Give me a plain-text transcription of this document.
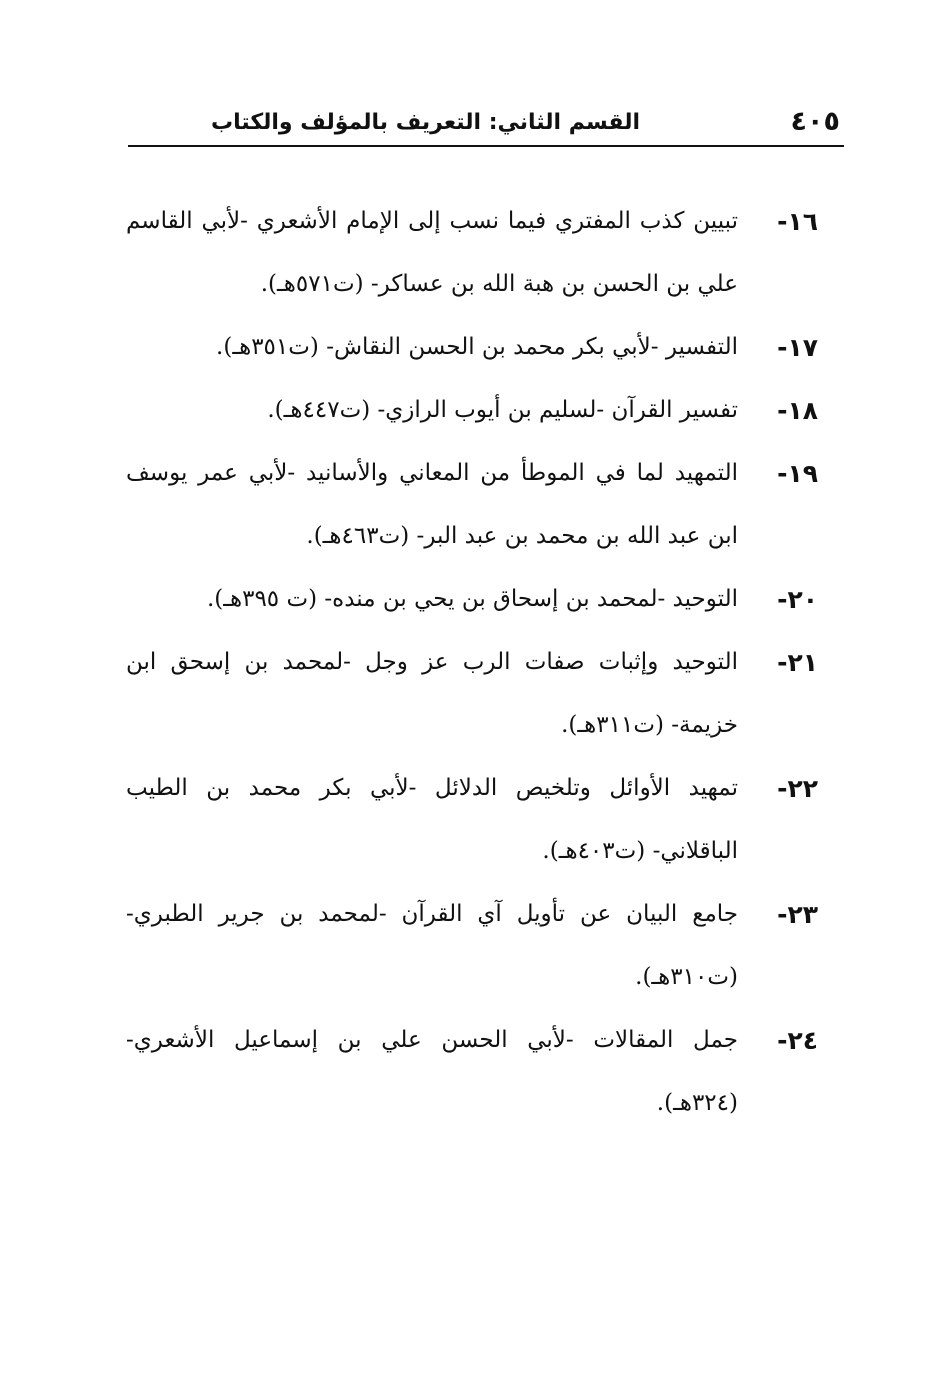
٤٠٥
القسم الثاني: التعريف بالمؤلف والكتاب
١٦-
تبيين كذب المفتري فيما نسب إلى الإمام الأشعري -لأبي القاسم علي بن الحسن بن هبة الله بن عساكر- (ت٥٧١هـ).
١٧-
التفسير -لأبي بكر محمد بن الحسن النقاش- (ت٣٥١هـ).
١٨-
تفسير القرآن -لسليم بن أيوب الرازي- (ت٤٤٧هـ).
١٩-
التمهيد لما في الموطأ من المعاني والأسانيد -لأبي عمر يوسف ابن عبد الله بن محمد بن عبد البر- (ت٤٦٣هـ).
٢٠-
التوحيد -لمحمد بن إسحاق بن يحي بن منده- (ت ٣٩٥هـ).
٢١-
التوحيد وإثبات صفات الرب عز وجل -لمحمد بن إسحق ابن خزيمة- (ت٣١١هـ).
٢٢-
تمهيد الأوائل وتلخيص الدلائل -لأبي بكر محمد بن الطيب الباقلاني- (ت٤٠٣هـ).
٢٣-
جامع البيان عن تأويل آي القرآن -لمحمد بن جرير الطبري- (ت٣١٠هـ).
٢٤-
جمل المقالات -لأبي الحسن علي بن إسماعيل الأشعري- (٣٢٤هـ).
